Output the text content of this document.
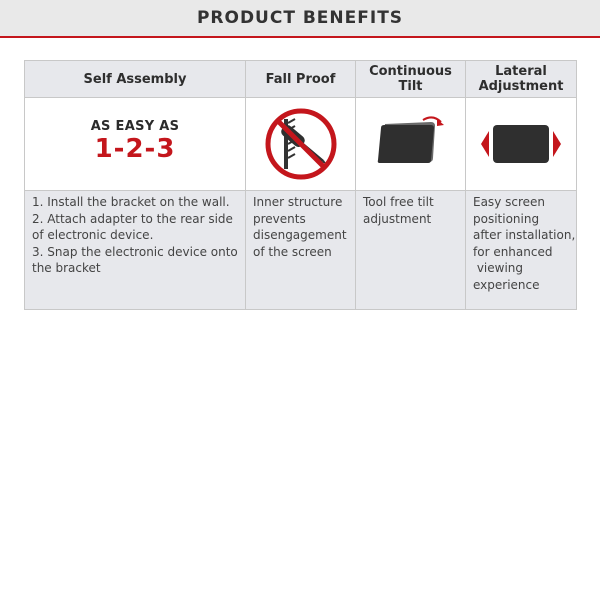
PRODUCT BENEFITS
Self Assembly	Fall Proof	Continuous
Tilt
Lateral
Adjustment
AS EASY AS
1-2-3
1. Install the bracket on the wall.
2. Attach adapter to the rear side
of electronic device.
3. Snap the electronic device onto
the bracket
Inner structure
prevents
disengagement
of the screen
Tool free tilt
adjustment
Easy screen
positioning
after installation,
for enhanced
viewing
experience
